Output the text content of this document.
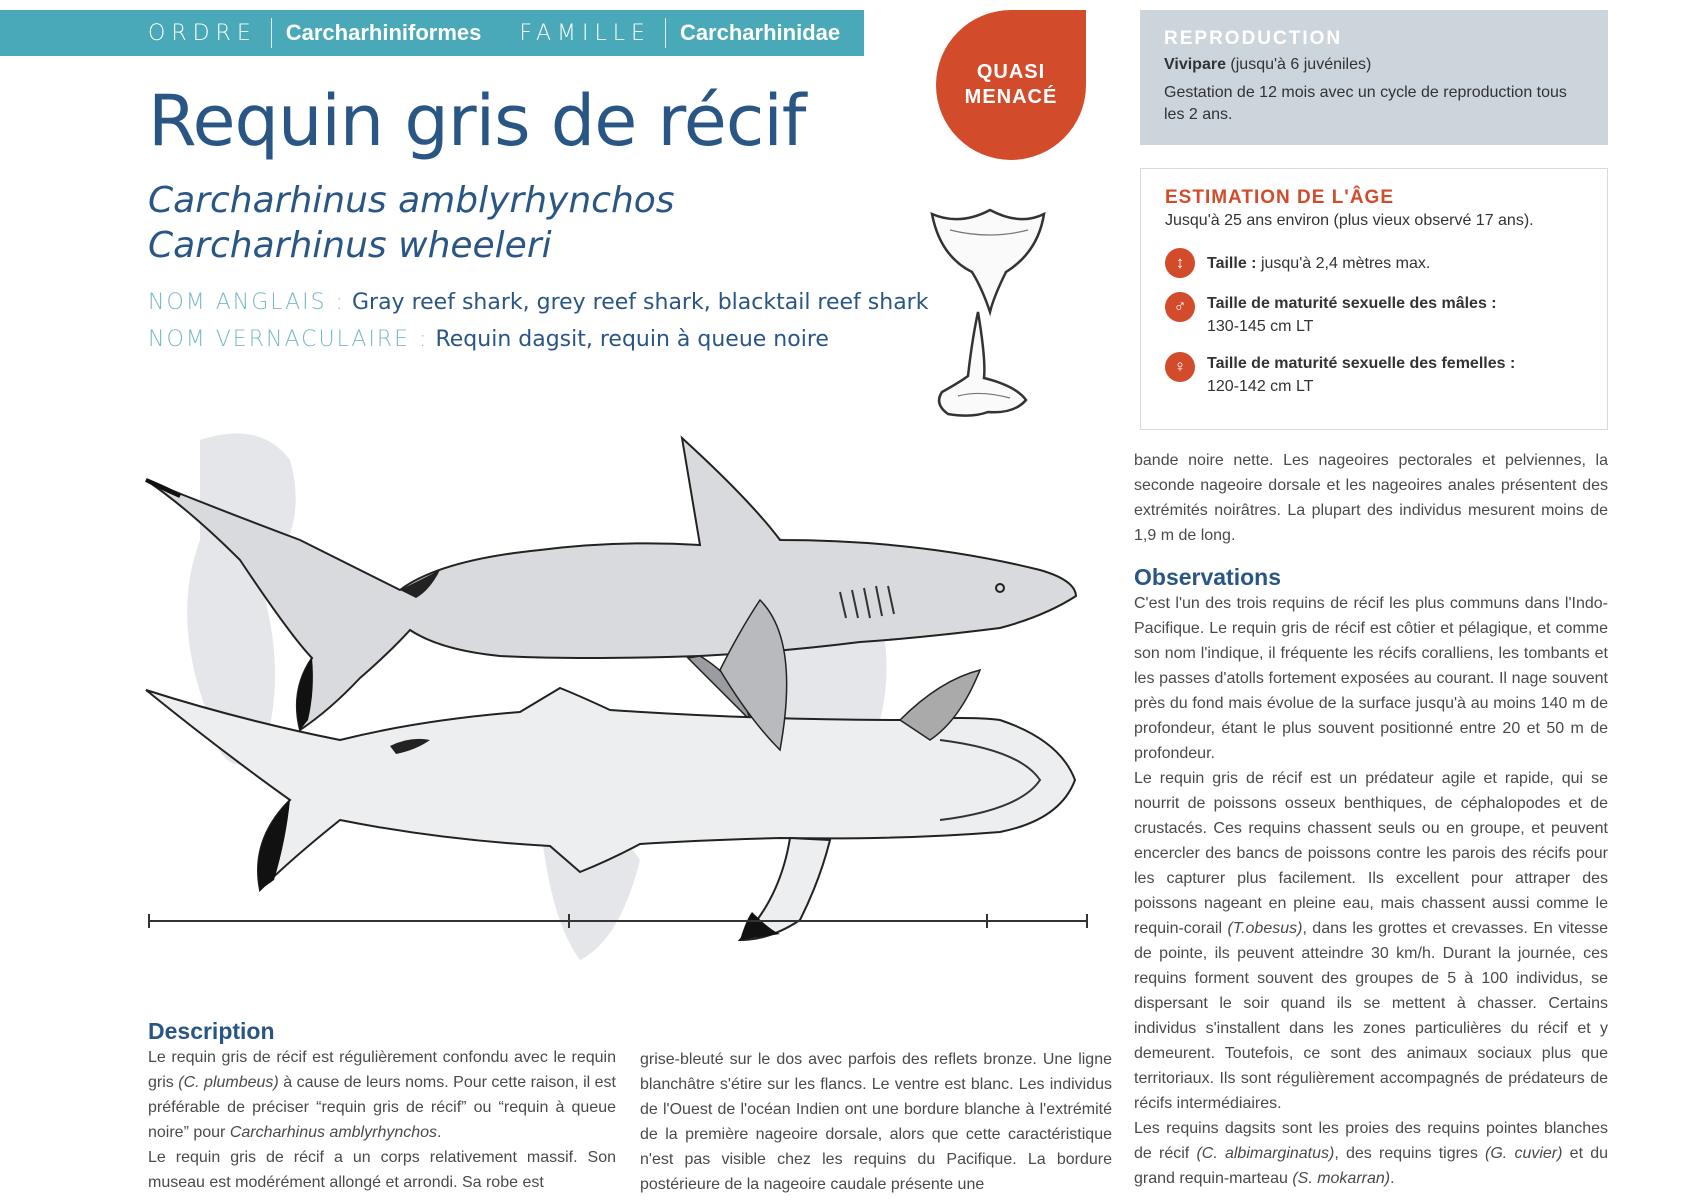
ORDRE Carcharhiniformes FAMILLE Carcharhinidae
Requin gris de récif
Carcharhinus amblyrhynchos
Carcharhinus wheeleri
NOM ANGLAIS : Gray reef shark, grey reef shark, blacktail reef shark
NOM VERNACULAIRE : Requin dagsit, requin à queue noire
QUASI
MENACÉ
REPRODUCTION

Vivipare (jusqu'à 6 juvéniles)

Gestation de 12 mois avec un cycle de reproduction tous les 2 ans.

ESTIMATION DE L'ÂGE
Jusqu'à 25 ans environ (plus vieux observé 17 ans).
↕	Taille : jusqu'à 2,4 mètres max.
♂	Taille de maturité sexuelle des mâles :
130-145 cm LT
♀	Taille de maturité sexuelle des femelles :
120-142 cm LT
Description

Le requin gris de récif est régulièrement confondu avec le requin gris (C. plumbeus) à cause de leurs noms. Pour cette raison, il est préférable de préciser “requin gris de récif” ou “requin à queue noire” pour Carcharhinus amblyrhynchos.

Le requin gris de récif a un corps relativement massif. Son museau est modérément allongé et arrondi. Sa robe est

grise-bleuté sur le dos avec parfois des reflets bronze. Une ligne blanchâtre s'étire sur les flancs. Le ventre est blanc. Les individus de l'Ouest de l'océan Indien ont une bordure blanche à l'extrémité de la première nageoire dorsale, alors que cette caractéristique n'est pas visible chez les requins du Pacifique. La bordure postérieure de la nageoire caudale présente une
bande noire nette. Les nageoires pectorales et pelviennes, la seconde nageoire dorsale et les nageoires anales présentent des extrémités noirâtres. La plupart des individus mesurent moins de 1,9 m de long.
Observations

C'est l'un des trois requins de récif les plus communs dans l'Indo-Pacifique. Le requin gris de récif est côtier et pélagique, et comme son nom l'indique, il fréquente les récifs coralliens, les tombants et les passes d'atolls fortement exposées au courant. Il nage souvent près du fond mais évolue de la surface jusqu'à au moins 140 m de profondeur, étant le plus souvent positionné entre 20 et 50 m de profondeur.

Le requin gris de récif est un prédateur agile et rapide, qui se nourrit de poissons osseux benthiques, de céphalopodes et de crustacés. Ces requins chassent seuls ou en groupe, et peuvent encercler des bancs de poissons contre les parois des récifs pour les capturer plus facilement. Ils excellent pour attraper des poissons nageant en pleine eau, mais chassent aussi comme le requin-corail (T.obesus), dans les grottes et crevasses. En vitesse de pointe, ils peuvent atteindre 30 km/h. Durant la journée, ces requins forment souvent des groupes de 5 à 100 individus, se dispersant le soir quand ils se mettent à chasser. Certains individus s'installent dans les zones particulières du récif et y demeurent. Toutefois, ce sont des animaux sociaux plus que territoriaux. Ils sont régulièrement accompagnés de prédateurs de récifs intermédiaires.

Les requins dagsits sont les proies des requins pointes blanches de récif (C. albimarginatus), des requins tigres (G. cuvier) et du grand requin-marteau (S. mokarran).
